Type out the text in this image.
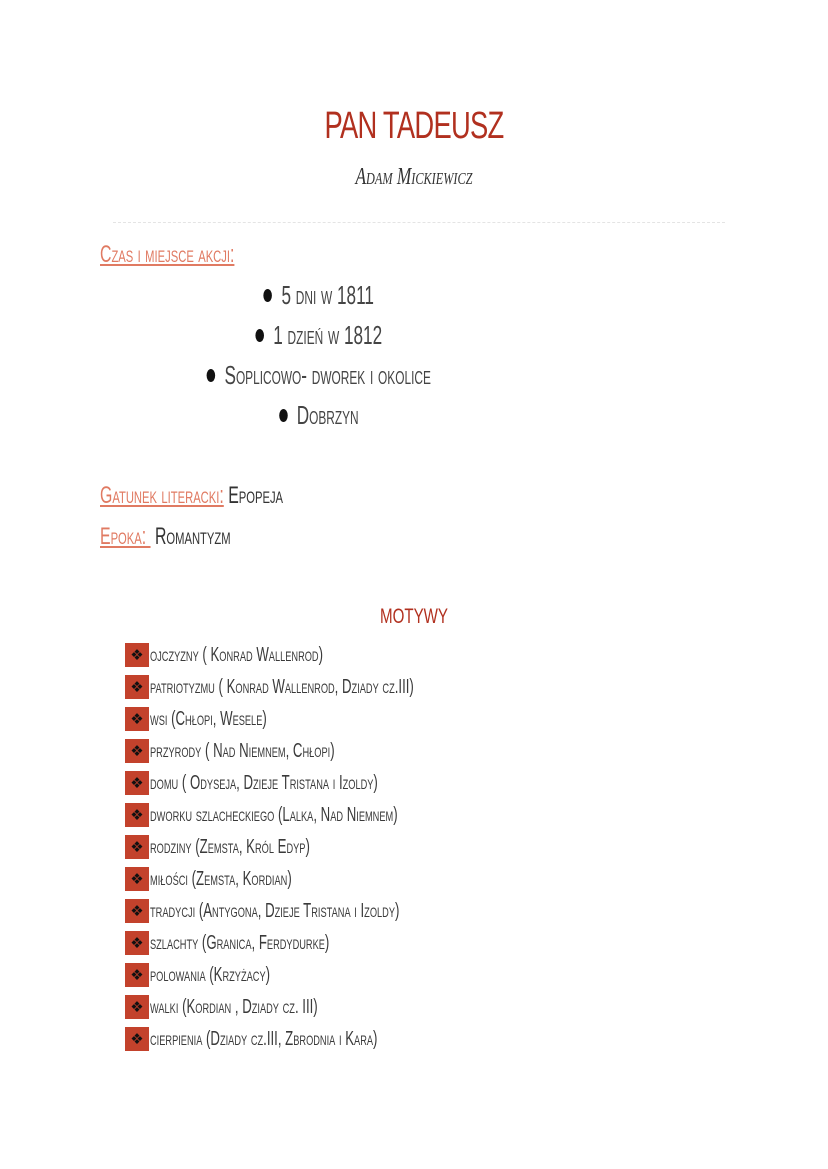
PAN TADEUSZ
Adam Mickiewicz
Czas i miejsce akcji:
5 dni w 1811
1 dzień w 1812
Soplicowo- dworek i okolice
Dobrzyn
Gatunek literacki: Epopeja
Epoka:  Romantyzm
motywy
❖ ojczyzny ( Konrad Wallenrod)
❖ patriotyzmu ( Konrad Wallenrod, Dziady cz.III)
❖ wsi (Chłopi, Wesele)
❖ przyrody ( Nad Niemnem, Chłopi)
❖ domu ( Odyseja, Dzieje Tristana i Izoldy)
❖ dworku szlacheckiego (Lalka, Nad Niemnem)
❖ rodziny (Zemsta, Król Edyp)
❖ miłości (Zemsta, Kordian)
❖ tradycji (Antygona, Dzieje Tristana i Izoldy)
❖ szlachty (Granica, Ferdydurke)
❖ polowania (Krzyżacy)
❖ walki (Kordian , Dziady cz. III)
❖ cierpienia (Dziady cz.III, Zbrodnia i Kara)
